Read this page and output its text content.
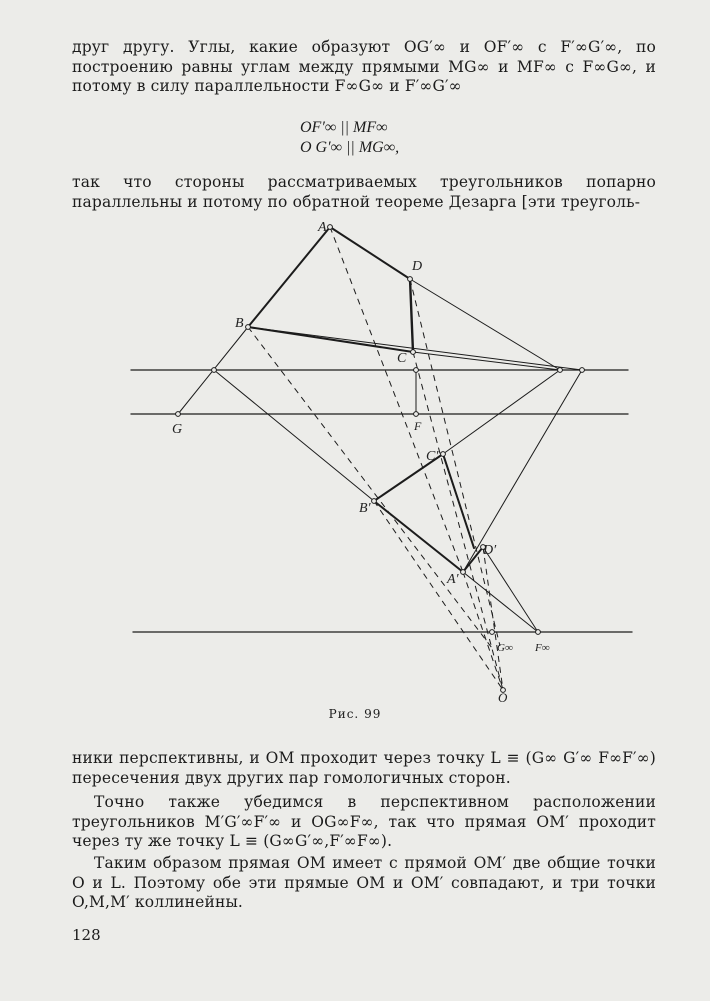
друг другу. Углы, какие образуют OG′∞ и OF′∞ с F′∞G′∞, по построению равны углам между прямыми MG∞ и MF∞ с F∞G∞, и потому в силу параллельности F∞G∞ и F′∞G′∞
OF′∞ || MF∞
O G′∞ || MG∞,
так что стороны рассматриваемых треугольников попарно параллельны и потому по обратной теореме Дезарга [эти треуголь-
A
D
B
C
G	F
C′
B′
D′
A′
G∞ F∞
O
Рис. 99
ники перспективны, и OM проходит через точку L ≡ (G∞ G′∞ F∞F′∞) пересечения двух других пар гомологичных сторон.
Точно также убедимся в перспективном расположении треугольников M′G′∞F′∞ и OG∞F∞, так что прямая OM′ проходит через ту же точку L ≡ (G∞G′∞,F′∞F∞).
Таким образом прямая OM имеет с прямой OM′ две общие точки O и L. Поэтому обе эти прямые OM и OM′ совпадают, и три точки O,M,M′ коллинейны.
128
